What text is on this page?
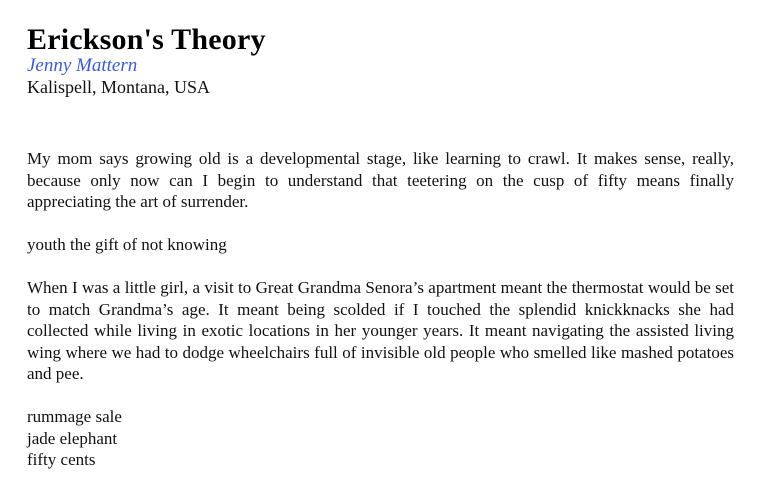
Erickson's Theory
Jenny Mattern
Kalispell, Montana, USA

My mom says growing old is a developmental stage, like learning to crawl. It makes sense, really, because only now can I begin to understand that teetering on the cusp of fifty means finally appreciating the art of surrender.

youth the gift of not knowing

When I was a little girl, a visit to Great Grandma Senora’s apartment meant the thermostat would be set to match Grandma’s age. It meant being scolded if I touched the splendid knickknacks she had collected while living in exotic locations in her younger years. It meant navigating the assisted living wing where we had to dodge wheelchairs full of invisible old people who smelled like mashed potatoes and pee.

rummage sale
jade elephant
fifty cents
